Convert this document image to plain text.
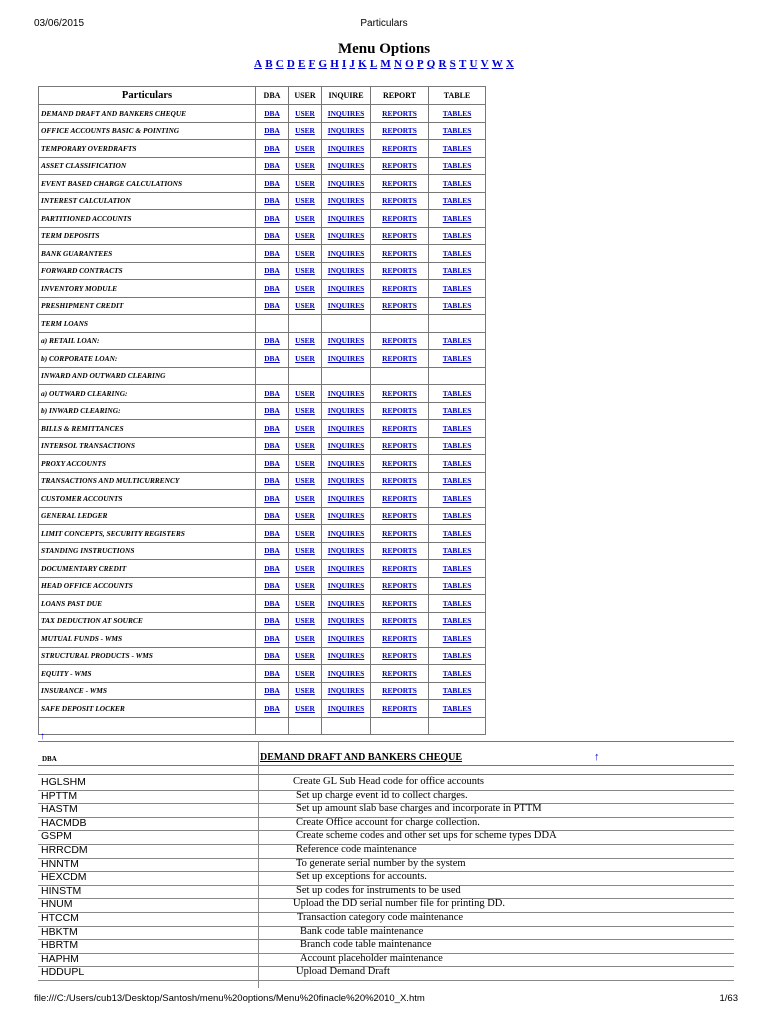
03/06/2015	Particulars
Menu Options
A B C D E F G H I J K L M N O P Q R S T U V W X
Particulars	DBA	USER	INQUIRE	REPORT	TABLE
DEMAND DRAFT AND BANKERS CHEQUE	DBA	USER	INQUIRES	REPORTS	TABLES
OFFICE ACCOUNTS BASIC & POINTING	DBA	USER	INQUIRES	REPORTS	TABLES
TEMPORARY OVERDRAFTS	DBA	USER	INQUIRES	REPORTS	TABLES
ASSET CLASSIFICATION	DBA	USER	INQUIRES	REPORTS	TABLES
EVENT BASED CHARGE CALCULATIONS	DBA	USER	INQUIRES	REPORTS	TABLES
INTEREST CALCULATION	DBA	USER	INQUIRES	REPORTS	TABLES
PARTITIONED ACCOUNTS	DBA	USER	INQUIRES	REPORTS	TABLES
TERM DEPOSITS	DBA	USER	INQUIRES	REPORTS	TABLES
BANK GUARANTEES	DBA	USER	INQUIRES	REPORTS	TABLES
FORWARD CONTRACTS	DBA	USER	INQUIRES	REPORTS	TABLES
INVENTORY MODULE	DBA	USER	INQUIRES	REPORTS	TABLES
PRESHIPMENT CREDIT	DBA	USER	INQUIRES	REPORTS	TABLES
TERM LOANS					
a) RETAIL LOAN:	DBA	USER	INQUIRES	REPORTS	TABLES
b) CORPORATE LOAN:	DBA	USER	INQUIRES	REPORTS	TABLES
INWARD AND OUTWARD CLEARING					
a) OUTWARD CLEARING:	DBA	USER	INQUIRES	REPORTS	TABLES
b) INWARD CLEARING:	DBA	USER	INQUIRES	REPORTS	TABLES
BILLS & REMITTANCES	DBA	USER	INQUIRES	REPORTS	TABLES
INTERSOL TRANSACTIONS	DBA	USER	INQUIRES	REPORTS	TABLES
PROXY ACCOUNTS	DBA	USER	INQUIRES	REPORTS	TABLES
TRANSACTIONS AND MULTICURRENCY	DBA	USER	INQUIRES	REPORTS	TABLES
CUSTOMER ACCOUNTS	DBA	USER	INQUIRES	REPORTS	TABLES
GENERAL LEDGER	DBA	USER	INQUIRES	REPORTS	TABLES
LIMIT CONCEPTS, SECURITY REGISTERS	DBA	USER	INQUIRES	REPORTS	TABLES
STANDING INSTRUCTIONS	DBA	USER	INQUIRES	REPORTS	TABLES
DOCUMENTARY CREDIT	DBA	USER	INQUIRES	REPORTS	TABLES
HEAD OFFICE ACCOUNTS	DBA	USER	INQUIRES	REPORTS	TABLES
LOANS PAST DUE	DBA	USER	INQUIRES	REPORTS	TABLES
TAX DEDUCTION AT SOURCE	DBA	USER	INQUIRES	REPORTS	TABLES
MUTUAL FUNDS - WMS	DBA	USER	INQUIRES	REPORTS	TABLES
STRUCTURAL PRODUCTS - WMS	DBA	USER	INQUIRES	REPORTS	TABLES
EQUITY - WMS	DBA	USER	INQUIRES	REPORTS	TABLES
INSURANCE - WMS	DBA	USER	INQUIRES	REPORTS	TABLES
SAFE DEPOSIT LOCKER	DBA	USER	INQUIRES	REPORTS	TABLES

↑
DBA	DEMAND DRAFT AND BANKERS CHEQUE	↑
HGLSHM	Create GL Sub Head code for office accounts
HPTTM	Set up charge event id to collect charges.
HASTM	Set up amount slab base charges and incorporate in PTTM
HACMDB	Create Office account for charge collection.
GSPM	Create scheme codes and other set ups for scheme types DDA
HRRCDM	Reference code maintenance
HNNTM	To generate serial number by the system
HEXCDM	Set up exceptions for accounts.
HINSTM	Set up codes for instruments to be used
HNUM	Upload the DD serial number file for printing DD.
HTCCM	Transaction category code maintenance
HBKTM	Bank code table maintenance
HBRTM	Branch code table maintenance
HAPHM	Account placeholder maintenance
HDDUPL	Upload Demand Draft
file:///C:/Users/cub13/Desktop/Santosh/menu%20options/Menu%20finacle%20%2010_X.htm	1/63
